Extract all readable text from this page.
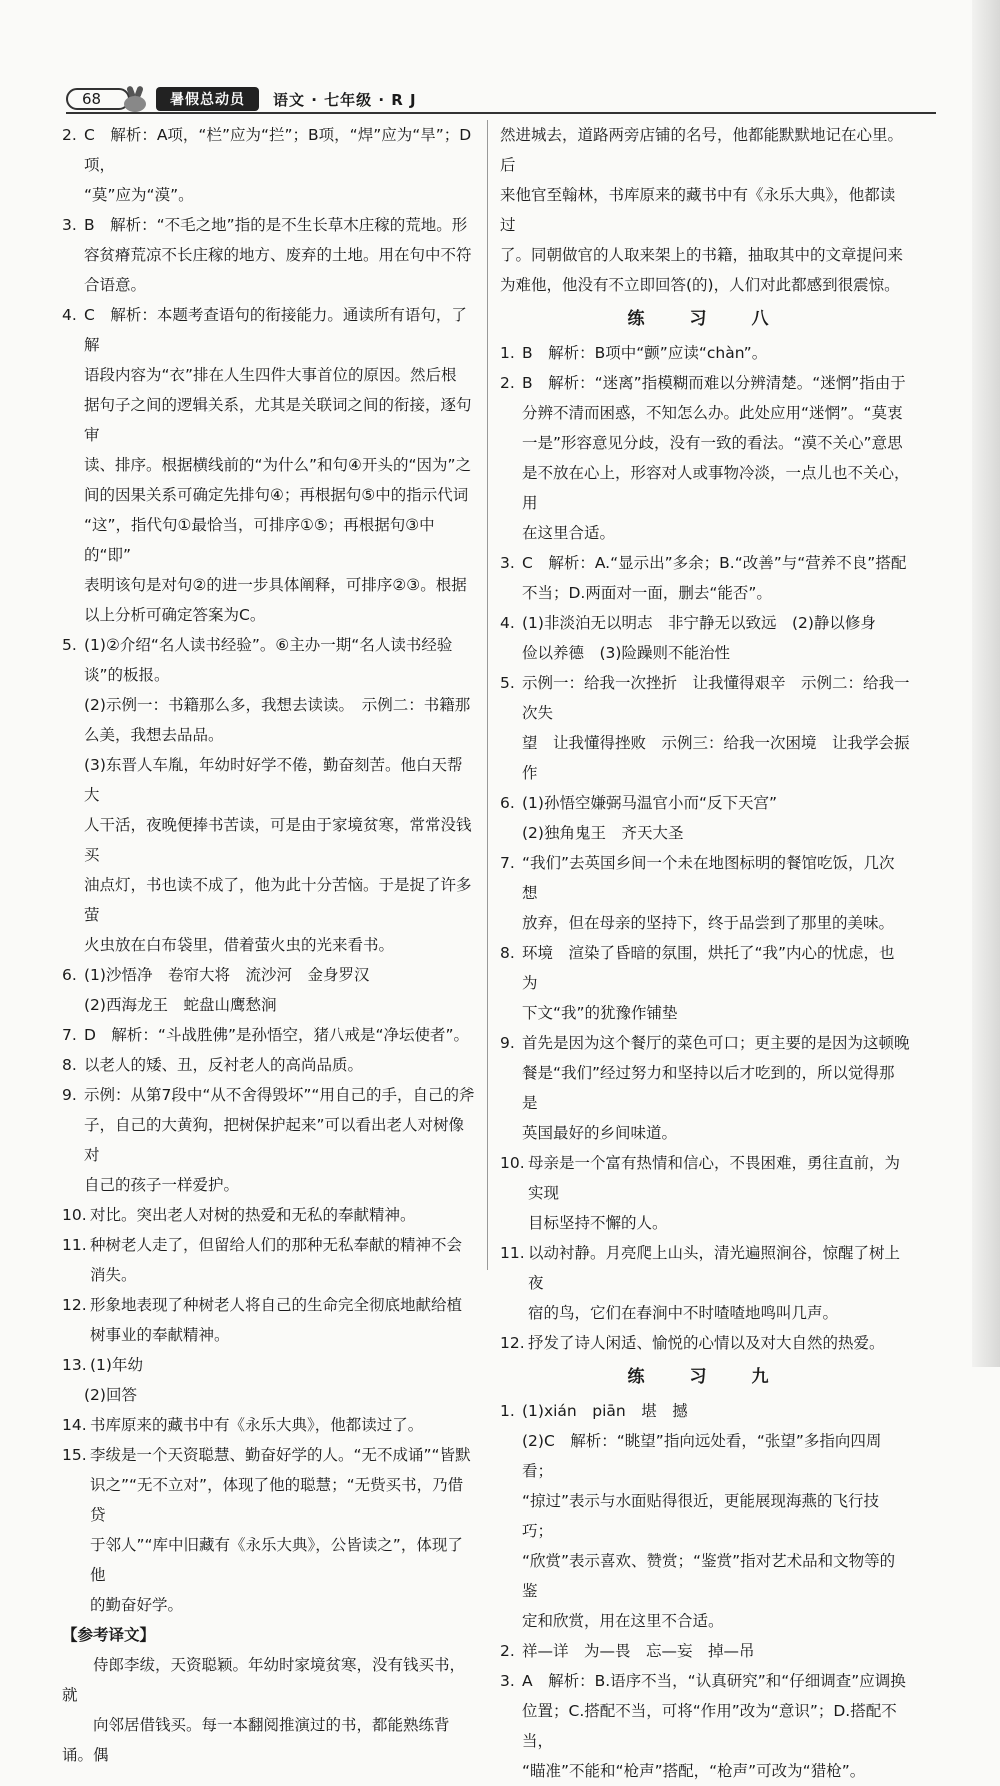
68	暑假总动员	语文 · 七年级 · R J
2. C　解析：A项，“栏”应为“拦”；B项，“焊”应为“旱”；D项，
“莫”应为“漠”。
3. B　解析：“不毛之地”指的是不生长草木庄稼的荒地。形
容贫瘠荒凉不长庄稼的地方、废弃的土地。用在句中不符
合语意。
4. C　解析：本题考查语句的衔接能力。通读所有语句，了解
语段内容为“衣”排在人生四件大事首位的原因。然后根
据句子之间的逻辑关系，尤其是关联词之间的衔接，逐句审
读、排序。根据横线前的“为什么”和句④开头的“因为”之
间的因果关系可确定先排句④；再根据句⑤中的指示代词
“这”，指代句①最恰当，可排序①⑤；再根据句③中的“即”
表明该句是对句②的进一步具体阐释，可排序②③。根据
以上分析可确定答案为C。
5. (1)②介绍“名人读书经验”。⑥主办一期“名人读书经验
谈”的板报。
(2)示例一：书籍那么多，我想去读读。　示例二：书籍那
么美，我想去品品。
(3)东晋人车胤，年幼时好学不倦，勤奋刻苦。他白天帮大
人干活，夜晚便捧书苦读，可是由于家境贫寒，常常没钱买
油点灯，书也读不成了，他为此十分苦恼。于是捉了许多萤
火虫放在白布袋里，借着萤火虫的光来看书。
6. (1)沙悟净　卷帘大将　流沙河　金身罗汉
(2)西海龙王　蛇盘山鹰愁涧
7. D　解析：“斗战胜佛”是孙悟空，猪八戒是“净坛使者”。
8. 以老人的矮、丑，反衬老人的高尚品质。
9. 示例：从第7段中“从不舍得毁坏”“用自己的手，自己的斧
子，自己的大黄狗，把树保护起来”可以看出老人对树像对
自己的孩子一样爱护。
10. 对比。突出老人对树的热爱和无私的奉献精神。
11. 种树老人走了，但留给人们的那种无私奉献的精神不会消失。
12. 形象地表现了种树老人将自己的生命完全彻底地献给植
树事业的奉献精神。
13. (1)年幼
(2)回答
14. 书库原来的藏书中有《永乐大典》，他都读过了。
15. 李绂是一个天资聪慧、勤奋好学的人。“无不成诵”“皆默
识之”“无不立对”，体现了他的聪慧；“无赀买书，乃借贷
于邻人”“库中旧藏有《永乐大典》，公皆读之”，体现了他
的勤奋好学。
【参考译文】
侍郎李绂，天资聪颖。年幼时家境贫寒，没有钱买书，就
向邻居借钱买。每一本翻阅推演过的书，都能熟练背诵。偶
然进城去，道路两旁店铺的名号，他都能默默地记在心里。后
来他官至翰林，书库原来的藏书中有《永乐大典》，他都读过
了。同朝做官的人取来架上的书籍，抽取其中的文章提问来
为难他，他没有不立即回答(的)，人们对此都感到很震惊。
练　习　八
1. B　解析：B项中“颤”应读“chàn”。
2. B　解析：“迷离”指模糊而难以分辨清楚。“迷惘”指由于
分辨不清而困惑，不知怎么办。此处应用“迷惘”。“莫衷
一是”形容意见分歧，没有一致的看法。“漠不关心”意思
是不放在心上，形容对人或事物冷淡，一点儿也不关心，用
在这里合适。
3. C　解析：A.“显示出”多余；B.“改善”与“营养不良”搭配
不当；D.两面对一面，删去“能否”。
4. (1)非淡泊无以明志　非宁静无以致远　(2)静以修身
俭以养德　(3)险躁则不能治性
5. 示例一：给我一次挫折　让我懂得艰辛　示例二：给我一次失
望　让我懂得挫败　示例三：给我一次困境　让我学会振作
6. (1)孙悟空嫌弼马温官小而“反下天宫”
(2)独角鬼王　齐天大圣
7. “我们”去英国乡间一个未在地图标明的餐馆吃饭，几次想
放弃，但在母亲的坚持下，终于品尝到了那里的美味。
8. 环境　渲染了昏暗的氛围，烘托了“我”内心的忧虑，也为
下文“我”的犹豫作铺垫
9. 首先是因为这个餐厅的菜色可口；更主要的是因为这顿晚
餐是“我们”经过努力和坚持以后才吃到的，所以觉得那是
英国最好的乡间味道。
10. 母亲是一个富有热情和信心，不畏困难，勇往直前，为实现
目标坚持不懈的人。
11. 以动衬静。月亮爬上山头，清光遍照涧谷，惊醒了树上夜
宿的鸟，它们在春涧中不时喳喳地鸣叫几声。
12. 抒发了诗人闲适、愉悦的心情以及对大自然的热爱。
练　习　九
1. (1)xián　piān　堪　撼
(2)C　解析：“眺望”指向远处看，“张望”多指向四周看；
“掠过”表示与水面贴得很近，更能展现海燕的飞行技巧；
“欣赏”表示喜欢、赞赏；“鉴赏”指对艺术品和文物等的鉴
定和欣赏，用在这里不合适。
2. 祥—详　为—畏　忘—妄　掉—吊
3. A　解析：B.语序不当，“认真研究”和“仔细调查”应调换
位置；C.搭配不当，可将“作用”改为“意识”；D.搭配不当，
“瞄准”不能和“枪声”搭配，“枪声”可改为“猎枪”。
